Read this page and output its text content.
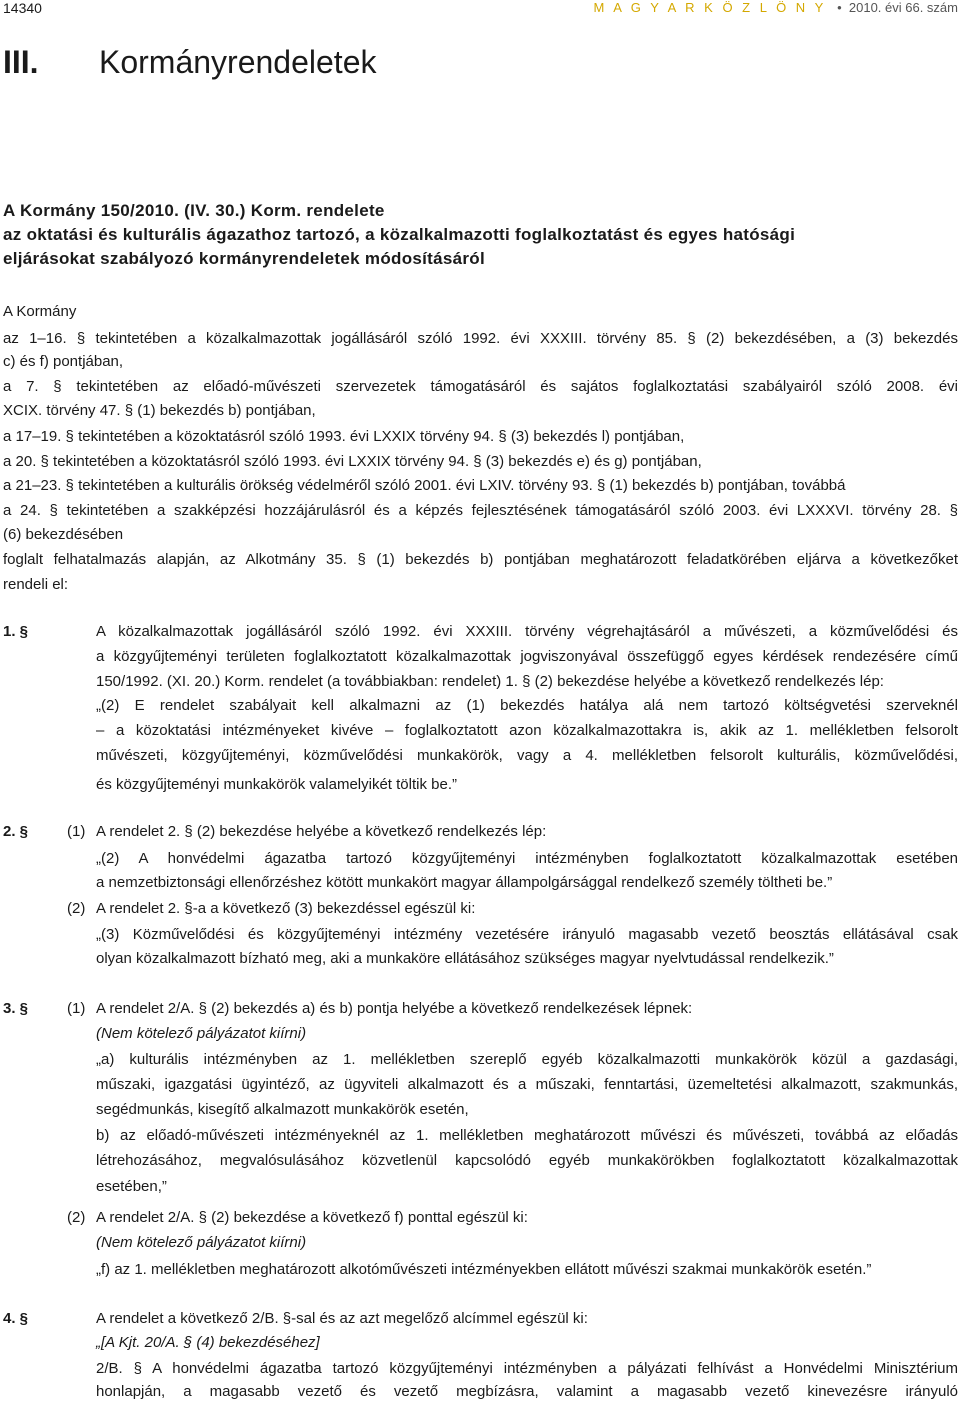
14340	M A G Y A R K Ö Z L Ö N Y   •  2010. évi 66. szám
III. Kormányrendeletek
A Kormány 150/2010. (IV. 30.) Korm. rendelete
az oktatási és kulturális ágazathoz tartozó, a közalkalmazotti foglalkoztatást és egyes hatósági
eljárásokat szabályozó kormányrendeletek módosításáról
A Kormány
az 1–16. § tekintetében a közalkalmazottak jogállásáról szóló 1992. évi XXXIII. törvény 85. § (2) bekezdésében, a (3) bekezdés
c) és f) pontjában,
a 7. § tekintetében az előadó-művészeti szervezetek támogatásáról és sajátos foglalkoztatási szabályairól szóló 2008. évi
XCIX. törvény 47. § (1) bekezdés b) pontjában,
a 17–19. § tekintetében a közoktatásról szóló 1993. évi LXXIX törvény 94. § (3) bekezdés l) pontjában,
a 20. § tekintetében a közoktatásról szóló 1993. évi LXXIX törvény 94. § (3) bekezdés e) és g) pontjában,
a 21–23. § tekintetében a kulturális örökség védelméről szóló 2001. évi LXIV. törvény 93. § (1) bekezdés b) pontjában, továbbá
a 24. § tekintetében a szakképzési hozzájárulásról és a képzés fejlesztésének támogatásáról szóló 2003. évi LXXXVI. törvény 28. §
(6) bekezdésében
foglalt felhatalmazás alapján, az Alkotmány 35. § (1) bekezdés b) pontjában meghatározott feladatkörében eljárva a következőket
rendeli el:
1. §	A közalkalmazottak jogállásáról szóló 1992. évi XXXIII. törvény végrehajtásáról a művészeti, a közművelődési és
a közgyűjteményi területen foglalkoztatott közalkalmazottak jogviszonyával összefüggő egyes kérdések rendezésére című
150/1992. (XI. 20.) Korm. rendelet (a továbbiakban: rendelet) 1. § (2) bekezdése helyébe a következő rendelkezés lép:
„(2) E rendelet szabályait kell alkalmazni az (1) bekezdés hatálya alá nem tartozó költségvetési szerveknél
– a közoktatási intézményeket kivéve – foglalkoztatott azon közalkalmazottakra is, akik az 1. mellékletben felsorolt
művészeti, közgyűjteményi, közművelődési munkakörök, vagy a 4. mellékletben felsorolt kulturális, közművelődési,
és közgyűjteményi munkakörök valamelyikét töltik be.”
2. §	(1) A rendelet 2. § (2) bekezdése helyébe a következő rendelkezés lép:
„(2) A honvédelmi ágazatba tartozó közgyűjteményi intézményben foglalkoztatott közalkalmazottak esetében
a nemzetbiztonsági ellenőrzéshez kötött munkakört magyar állampolgársággal rendelkező személy töltheti be.”
(2) A rendelet 2. §-a a következő (3) bekezdéssel egészül ki:
„(3) Közművelődési és közgyűjteményi intézmény vezetésére irányuló magasabb vezető beosztás ellátásával csak
olyan közalkalmazott bízható meg, aki a munkaköre ellátásához szükséges magyar nyelvtudással rendelkezik.”
3. §	(1) A rendelet 2/A. § (2) bekezdés a) és b) pontja helyébe a következő rendelkezések lépnek:
(Nem kötelező pályázatot kiírni)
„a) kulturális intézményben az 1. mellékletben szereplő egyéb közalkalmazotti munkakörök közül a gazdasági,
műszaki, igazgatási ügyintéző, az ügyviteli alkalmazott és a műszaki, fenntartási, üzemeltetési alkalmazott, szakmunkás,
segédmunkás, kisegítő alkalmazott munkakörök esetén,
b) az előadó-művészeti intézményeknél az 1. mellékletben meghatározott művészi és művészeti, továbbá az előadás
létrehozásához, megvalósulásához közvetlenül kapcsolódó egyéb munkakörökben foglalkoztatott közalkalmazottak
esetében,”
(2) A rendelet 2/A. § (2) bekezdése a következő f) ponttal egészül ki:
(Nem kötelező pályázatot kiírni)
„f) az 1. mellékletben meghatározott alkotóművészeti intézményekben ellátott művészi szakmai munkakörök esetén.”
4. §	A rendelet a következő 2/B. §-sal és az azt megelőző alcímmel egészül ki:
„[A Kjt. 20/A. § (4) bekezdéséhez]
2/B. § A honvédelmi ágazatba tartozó közgyűjteményi intézményben a pályázati felhívást a Honvédelmi Minisztérium
honlapján, a magasabb vezető és vezető megbízásra, valamint a magasabb vezető kinevezésre irányuló
